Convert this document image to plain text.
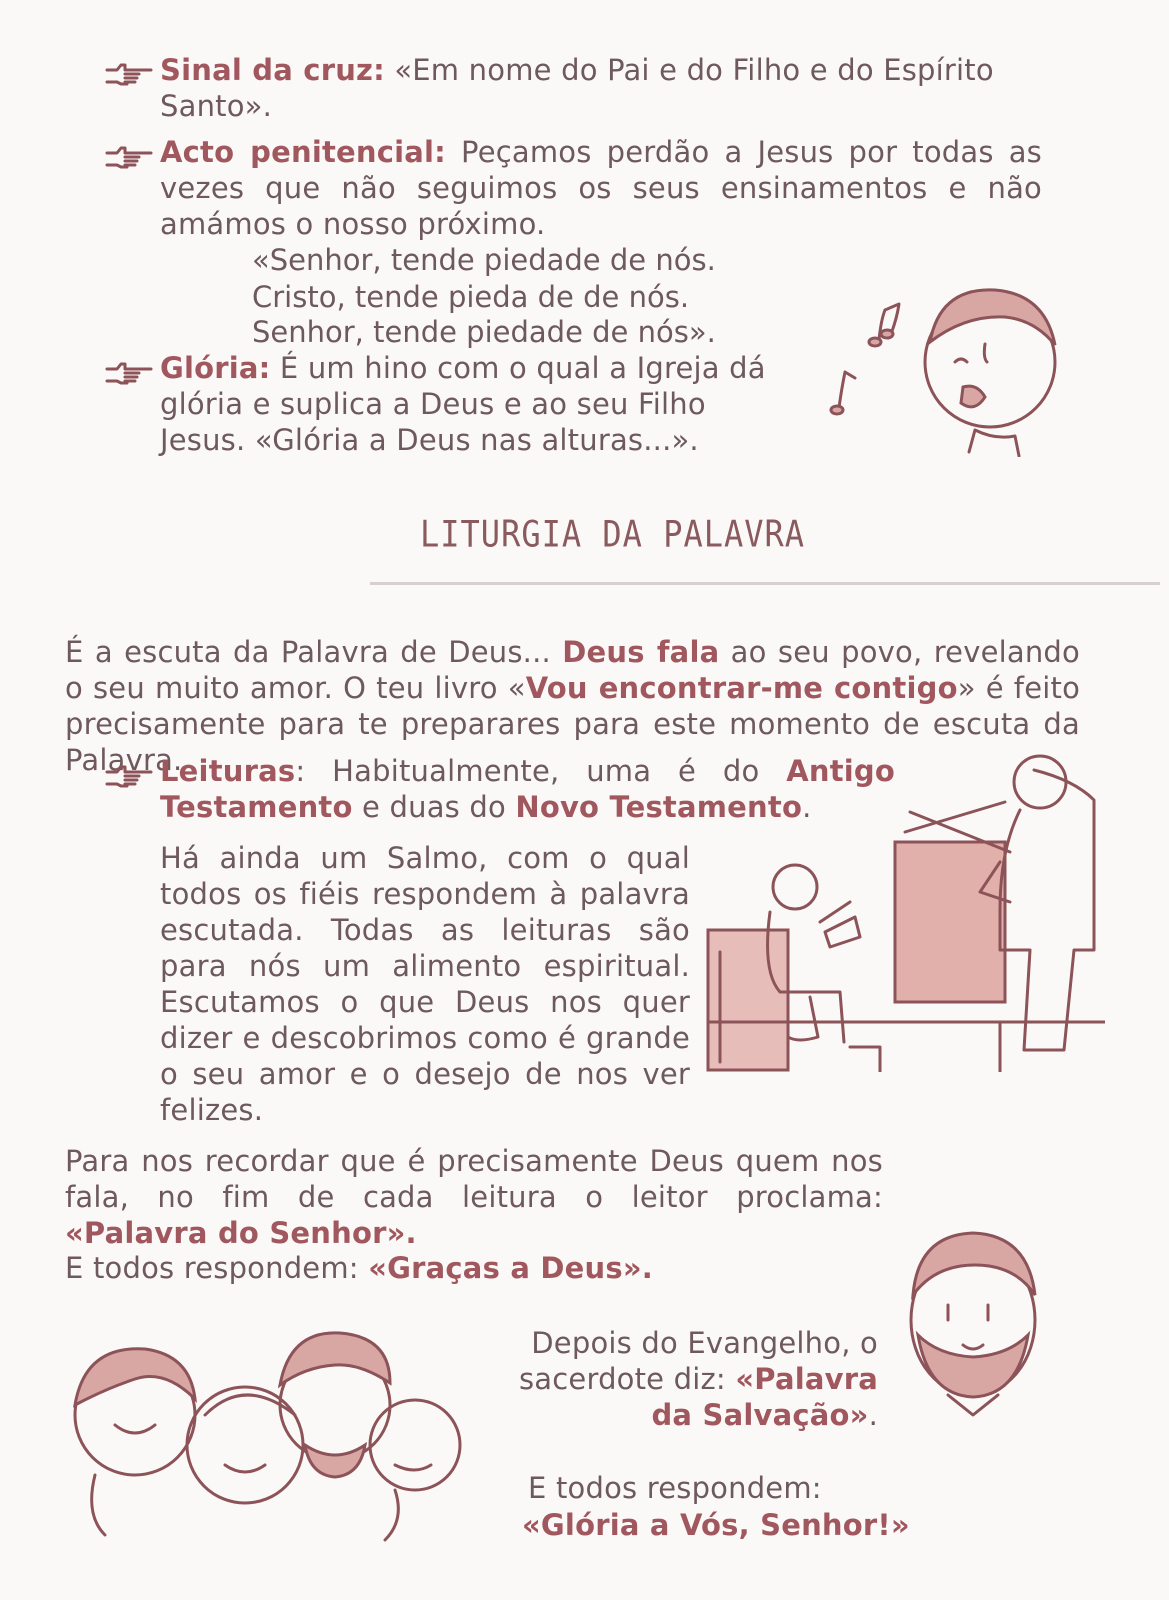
Sinal da cruz: «Em nome do Pai e do Filho e do Espírito Santo».
Acto penitencial: Peçamos perdão a Jesus por todas as vezes que não seguimos os seus ensinamentos e não amámos o nosso próximo.
«Senhor, tende piedade de nós.
Cristo, tende pieda de de nós.
Senhor, tende piedade de nós».
Glória: É um hino com o qual a Igreja dá glória e suplica a Deus e ao seu Filho Jesus. «Glória a Deus nas alturas...».
LITURGIA DA PALAVRA
É a escuta da Palavra de Deus... Deus fala ao seu povo, revelando o seu muito amor. O teu livro «Vou encontrar-me contigo» é feito precisamente para te preparares para este momento de escuta da Palavra.
Leituras: Habitualmente, uma é do Antigo Testamento e duas do Novo Testamento.
Há ainda um Salmo, com o qual todos os fiéis respondem à palavra escutada. Todas as leituras são para nós um alimento espiritual. Escutamos o que Deus nos quer dizer e descobrimos como é grande o seu amor e o desejo de nos ver felizes.
Para nos recordar que é precisamente Deus quem nos fala, no fim de cada leitura o leitor proclama: «Palavra do Senhor».
E todos respondem: «Graças a Deus».
Depois do Evangelho, o sacerdote diz: «Palavra da Salvação».
E todos respondem:
«Glória a Vós, Senhor!»
